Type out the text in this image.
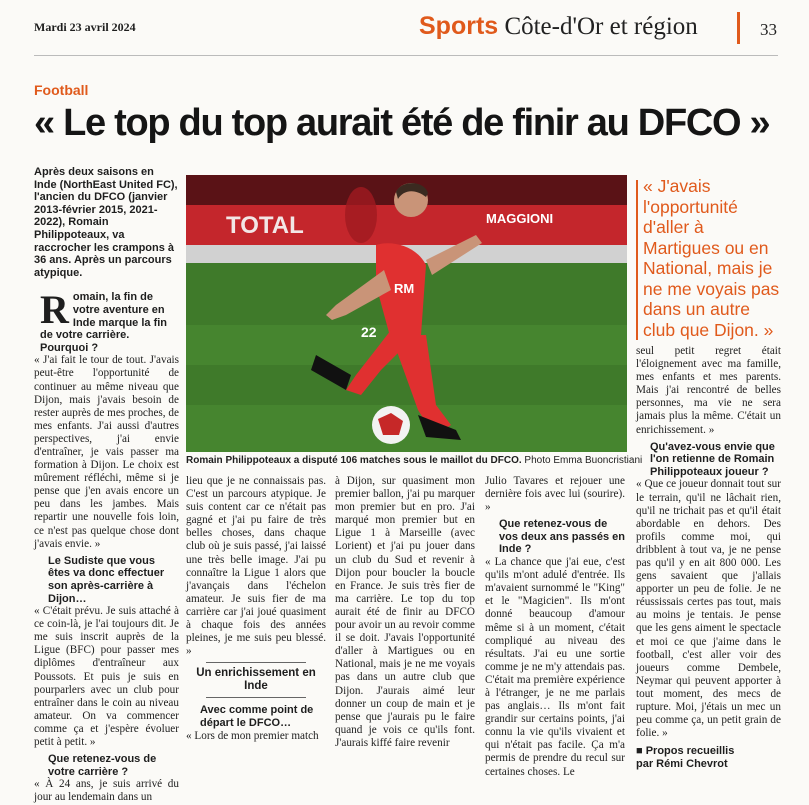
Mardi 23 avril 2024	Sports Côte-d'Or et région	33
Football
« Le top du top aurait été de finir au DFCO »

Après deux saisons en Inde (NorthEast United FC), l'ancien du DFCO (janvier 2013-février 2015, 2021-2022), Romain Philippoteaux, va raccrocher les crampons à 36 ans. Après un parcours atypique.

Romain, la fin de votre aventure en Inde marque la fin de votre carrière. Pourquoi ?

« J'ai fait le tour de tout. J'avais peut-être l'opportunité de continuer au même niveau que Dijon, mais j'avais besoin de rester auprès de mes proches, de mes enfants. J'ai aussi d'autres perspectives, j'ai envie d'entraîner, je vais passer ma formation à Dijon. Le choix est mûrement réfléchi, même si je pense que j'en avais encore un peu dans les jambes. Mais repartir une nouvelle fois loin, ce n'est pas quelque chose dont j'avais envie. »

Le Sudiste que vous êtes va donc effectuer son après-carrière à Dijon…

« C'était prévu. Je suis attaché à ce coin-là, je l'ai toujours dit. Je me suis inscrit auprès de la Ligue (BFC) pour passer mes diplômes d'entraîneur aux Poussots. Et puis je suis en pourparlers avec un club pour entraîner dans le coin au niveau amateur. On va commencer comme ça et j'espère évoluer petit à petit. »

Que retenez-vous de votre carrière ?

« À 24 ans, je suis arrivé du jour au lendemain dans un

TOTAL	MAGGIONI
RM
22
Romain Philippoteaux a disputé 106 matches sous le maillot du DFCO. Photo Emma Buoncristiani
« J'avais l'opportunité d'aller à Martigues ou en National, mais je ne me voyais pas dans un autre club que Dijon. »

lieu que je ne connaissais pas. C'est un parcours atypique. Je suis content car ce n'était pas gagné et j'ai pu faire de très belles choses, dans chaque club où je suis passé, j'ai laissé une très belle image. J'ai pu connaître la Ligue 1 alors que j'avançais dans l'échelon amateur. Je suis fier de ma carrière car j'ai joué quasiment à chaque fois des années pleines, je me suis peu blessé. »

Un enrichissement en Inde

Avec comme point de départ le DFCO…

« Lors de mon premier match

à Dijon, sur quasiment mon premier ballon, j'ai pu marquer mon premier but en pro. J'ai marqué mon premier but en Ligue 1 à Marseille (avec Lorient) et j'ai pu jouer dans un club du Sud et revenir à Dijon pour boucler la boucle en France. Je suis très fier de ma carrière. Le top du top aurait été de finir au DFCO pour avoir un au revoir comme il se doit. J'avais l'opportunité d'aller à Martigues ou en National, mais je ne me voyais pas dans un autre club que Dijon. J'aurais aimé leur donner un coup de main et je pense que j'aurais pu le faire quand je vois ce qu'ils font. J'aurais kiffé faire revenir

Julio Tavares et rejouer une dernière fois avec lui (sourire). »

Que retenez-vous de vos deux ans passés en Inde ?

« La chance que j'ai eue, c'est qu'ils m'ont adulé d'entrée. Ils m'avaient surnommé le "King" et le "Magicien". Ils m'ont donné beaucoup d'amour même si à un moment, c'était compliqué au niveau des résultats. J'ai eu une sortie comme je ne m'y attendais pas. C'était ma première expérience à l'étranger, je ne me parlais pas anglais… Ils m'ont fait grandir sur certains points, j'ai connu la vie qu'ils vivaient et qui n'était pas facile. Ça m'a permis de prendre du recul sur certaines choses. Le

seul petit regret était l'éloignement avec ma famille, mes enfants et mes parents. Mais j'ai rencontré de belles personnes, ma vie ne sera jamais plus la même. C'était un enrichissement. »

Qu'avez-vous envie que l'on retienne de Romain Philippoteaux joueur ?

« Que ce joueur donnait tout sur le terrain, qu'il ne lâchait rien, qu'il ne trichait pas et qu'il était abordable en dehors. Des profils comme moi, qui dribblent à tout va, je ne pense pas qu'il y en ait 800 000. Les gens savaient que j'allais apporter un peu de folie. Je ne réussissais certes pas tout, mais au moins je tentais. Je pense que les gens aiment le spectacle et moi ce que j'aime dans le football, c'est aller voir des joueurs comme Dembele, Neymar qui peuvent apporter à tout moment, des mecs de rupture. Moi, j'étais un mec un peu comme ça, un petit grain de folie. »

■ Propos recueillis
par Rémi Chevrot
